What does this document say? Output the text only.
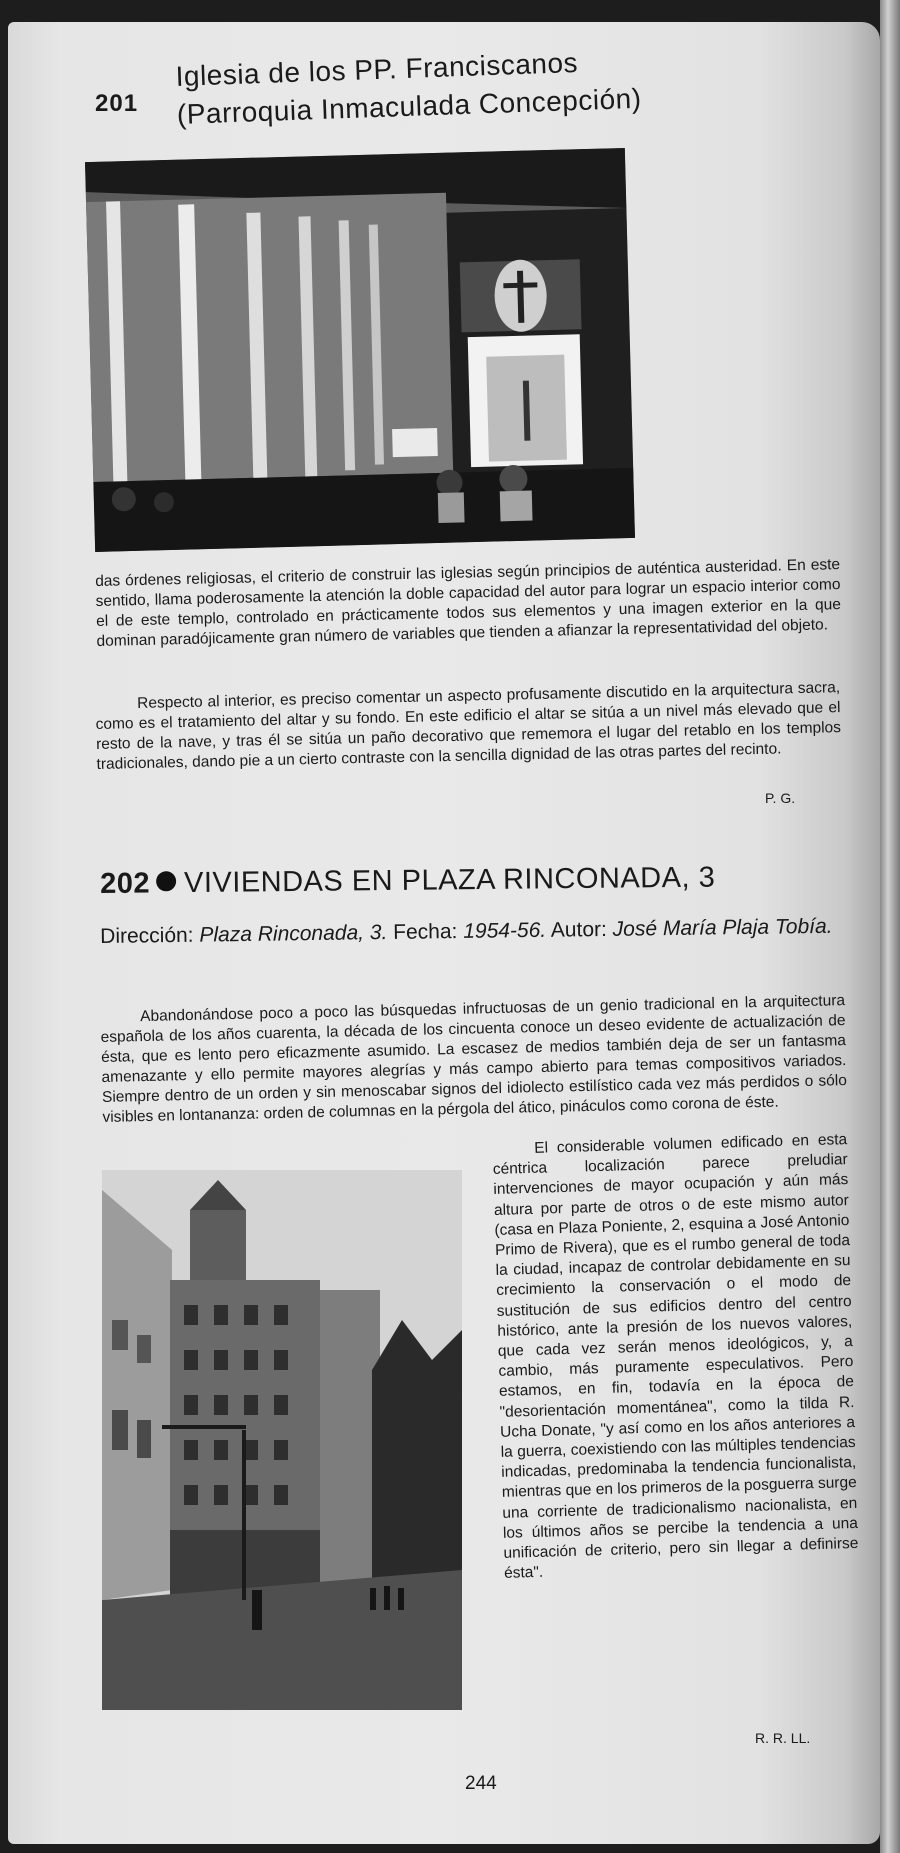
201
Iglesia de los PP. Franciscanos
(Parroquia Inmaculada Concepción)

das órdenes religiosas, el criterio de construir las iglesias según principios de auténtica austeridad. En este sentido, llama poderosamente la atención la doble capacidad del autor para lograr un espacio interior como el de este templo, controlado en prácticamente todos sus elementos y una imagen exterior en la que dominan paradójicamente gran número de variables que tienden a afianzar la representatividad del objeto.

Respecto al interior, es preciso comentar un aspecto profusamente discutido en la arquitectura sacra, como es el tratamiento del altar y su fondo. En este edificio el altar se sitúa a un nivel más elevado que el resto de la nave, y tras él se sitúa un paño decorativo que rememora el lugar del retablo en los templos tradicionales, dando pie a un cierto contraste con la sencilla dignidad de las otras partes del recinto.

P. G.
202 VIVIENDAS EN PLAZA RINCONADA, 3
Dirección: Plaza Rinconada, 3. Fecha: 1954-56. Autor: José María Plaja Tobía.

Abandonándose poco a poco las búsquedas infructuosas de un genio tradicional en la arquitectura española de los años cuarenta, la década de los cincuenta conoce un deseo evidente de actualización de ésta, que es lento pero eficazmente asumido. La escasez de medios también deja de ser un fantasma amenazante y ello permite mayores alegrías y más campo abierto para temas compositivos variados. Siempre dentro de un orden y sin menoscabar signos del idiolecto estilístico cada vez más perdidos o sólo visibles en lontananza: orden de columnas en la pérgola del ático, pináculos como corona de éste.

El considerable volumen edificado en esta céntrica localización parece preludiar intervenciones de mayor ocupación y aún más altura por parte de otros o de este mismo autor (casa en Plaza Poniente, 2, esquina a José Antonio Primo de Rivera), que es el rumbo general de toda la ciudad, incapaz de controlar debidamente en su crecimiento la conservación o el modo de sustitución de sus edificios dentro del centro histórico, ante la presión de los nuevos valores, que cada vez serán menos ideológicos, y, a cambio, más puramente especulativos. Pero estamos, en fin, todavía en la época de "desorientación momentánea", como la tilda R. Ucha Donate, "y así como en los años anteriores a la guerra, coexistiendo con las múltiples tendencias indicadas, predominaba la tendencia funcionalista, mientras que en los primeros de la posguerra surge una corriente de tradicionalismo nacionalista, en los últimos años se percibe la tendencia a una unificación de criterio, pero sin llegar a definirse ésta".

R. R. LL.
244
